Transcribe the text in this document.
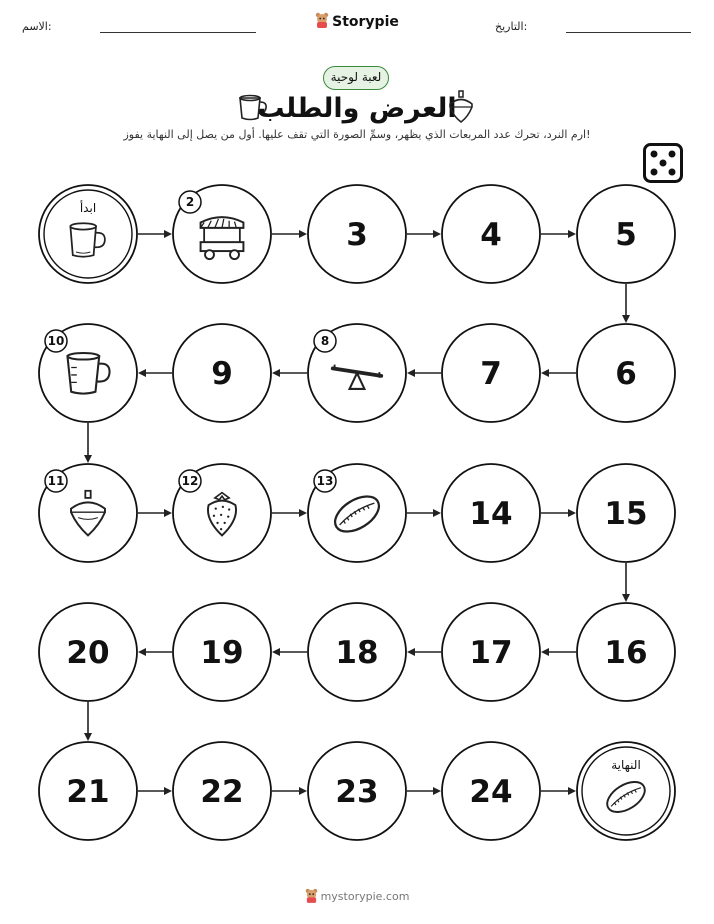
الاسم:	Storypie	التاريخ:
لعبة لوحية
العرض والطلب
ارم النرد، تحرك عدد المربعات الذي يظهر، وسمِّ الصورة التي تقف عليها. أول من يصل إلى النهاية يفوز!
ابدأ	2
3	4	5
6
7
8
9
10
11	12	13
14	15
16
17
18
19
20
21	22	23	24
النهاية
mystorypie.com
